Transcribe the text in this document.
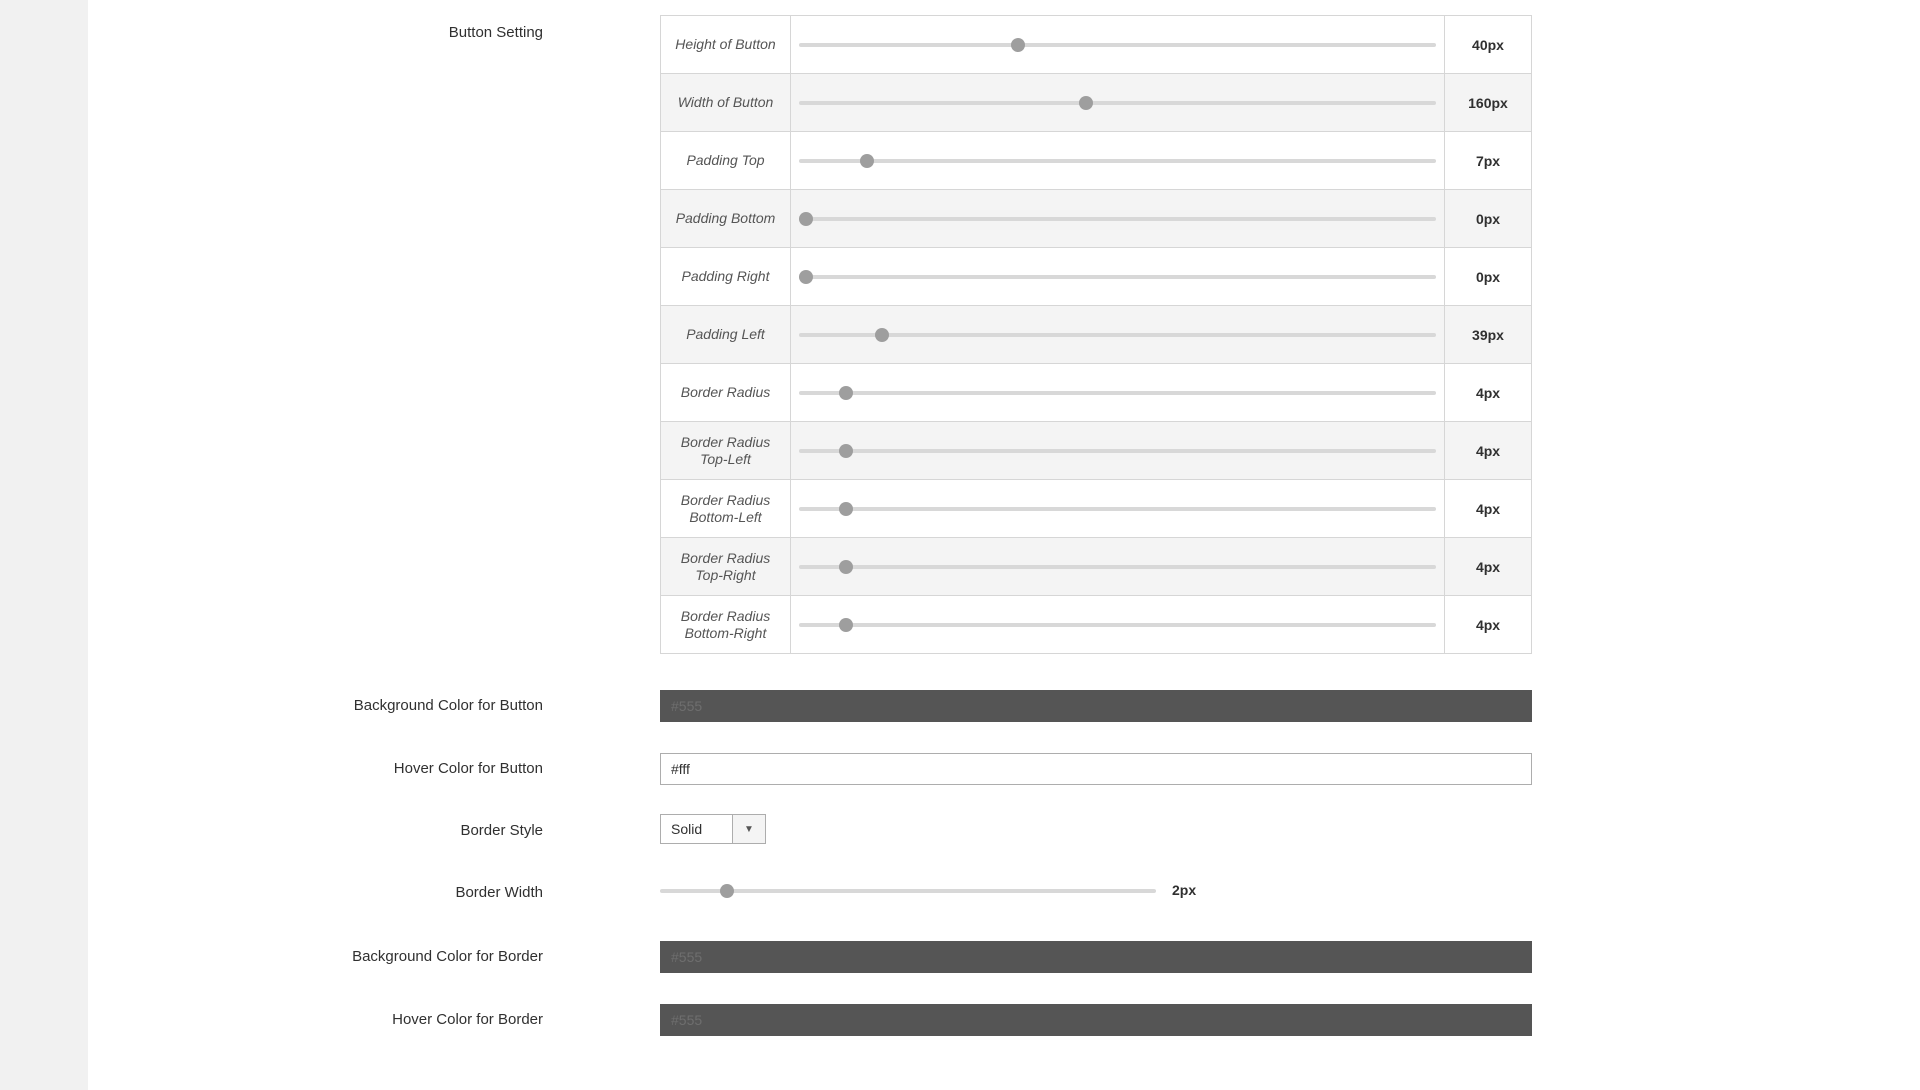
Button Setting
Height of Button	40px
Width of Button	160px
Padding Top	7px
Padding Bottom	0px
Padding Right	0px
Padding Left	39px
Border Radius	4px
Border Radius Top-Left	4px
Border Radius Bottom-Left	4px
Border Radius Top-Right	4px
Border Radius Bottom-Right	4px
Background Color for Button
#555
Hover Color for Button
#fff
Border Style	Solid	▼
Border Width	2px
Background Color for Border
#555
Hover Color for Border
#555
